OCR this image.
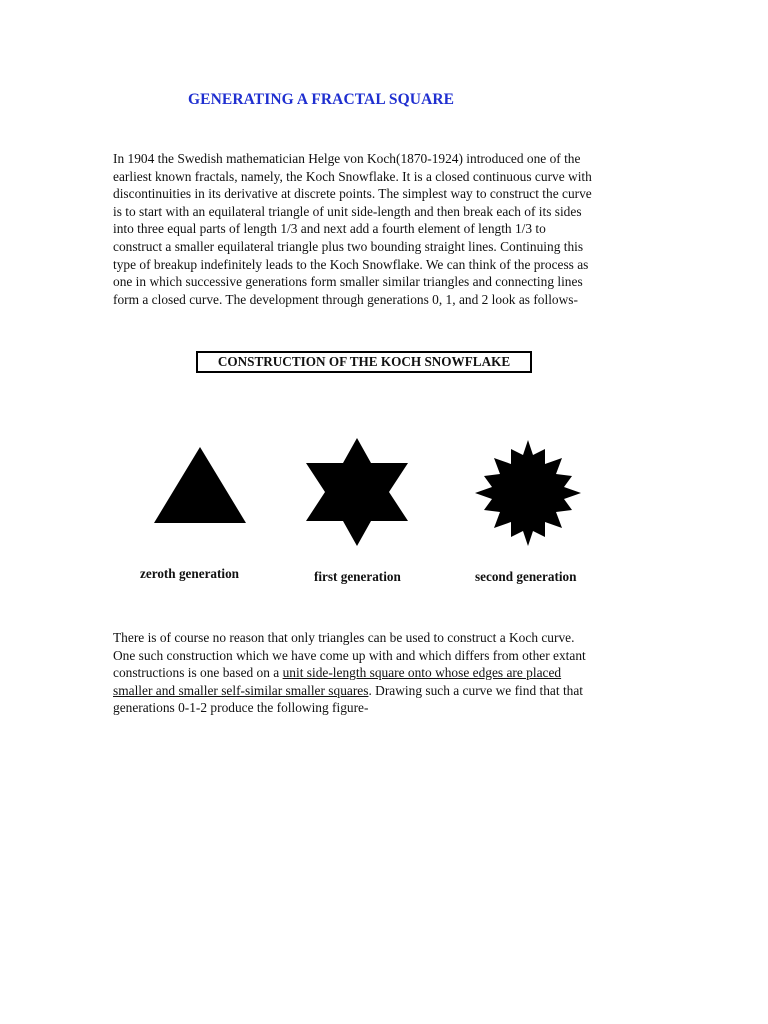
GENERATING A FRACTAL SQUARE

In 1904 the Swedish mathematician Helge von Koch(1870-1924) introduced one of the
earliest known fractals, namely, the Koch Snowflake. It is a closed continuous curve with
discontinuities in its derivative at discrete points. The simplest way to construct the curve
is to start with an equilateral triangle of unit side-length and then break each of its sides
into three equal parts of length 1/3 and next add a fourth element of length 1/3 to
construct a smaller equilateral triangle plus two bounding straight lines. Continuing this
type of breakup indefinitely leads to the Koch Snowflake. We can think of the process as
one in which successive generations form smaller similar triangles and connecting lines
form a closed curve. The development through generations 0, 1, and 2 look as follows-

CONSTRUCTION OF THE KOCH SNOWFLAKE
zeroth generation	first generation	second generation

There is of course no reason that only triangles can be used to construct a Koch curve.
One such construction which we have come up with and which differs from other extant
constructions is one based on a unit side-length square onto whose edges are placed
smaller and smaller self-similar smaller squares. Drawing such a curve we find that that
generations 0-1-2 produce the following figure-
